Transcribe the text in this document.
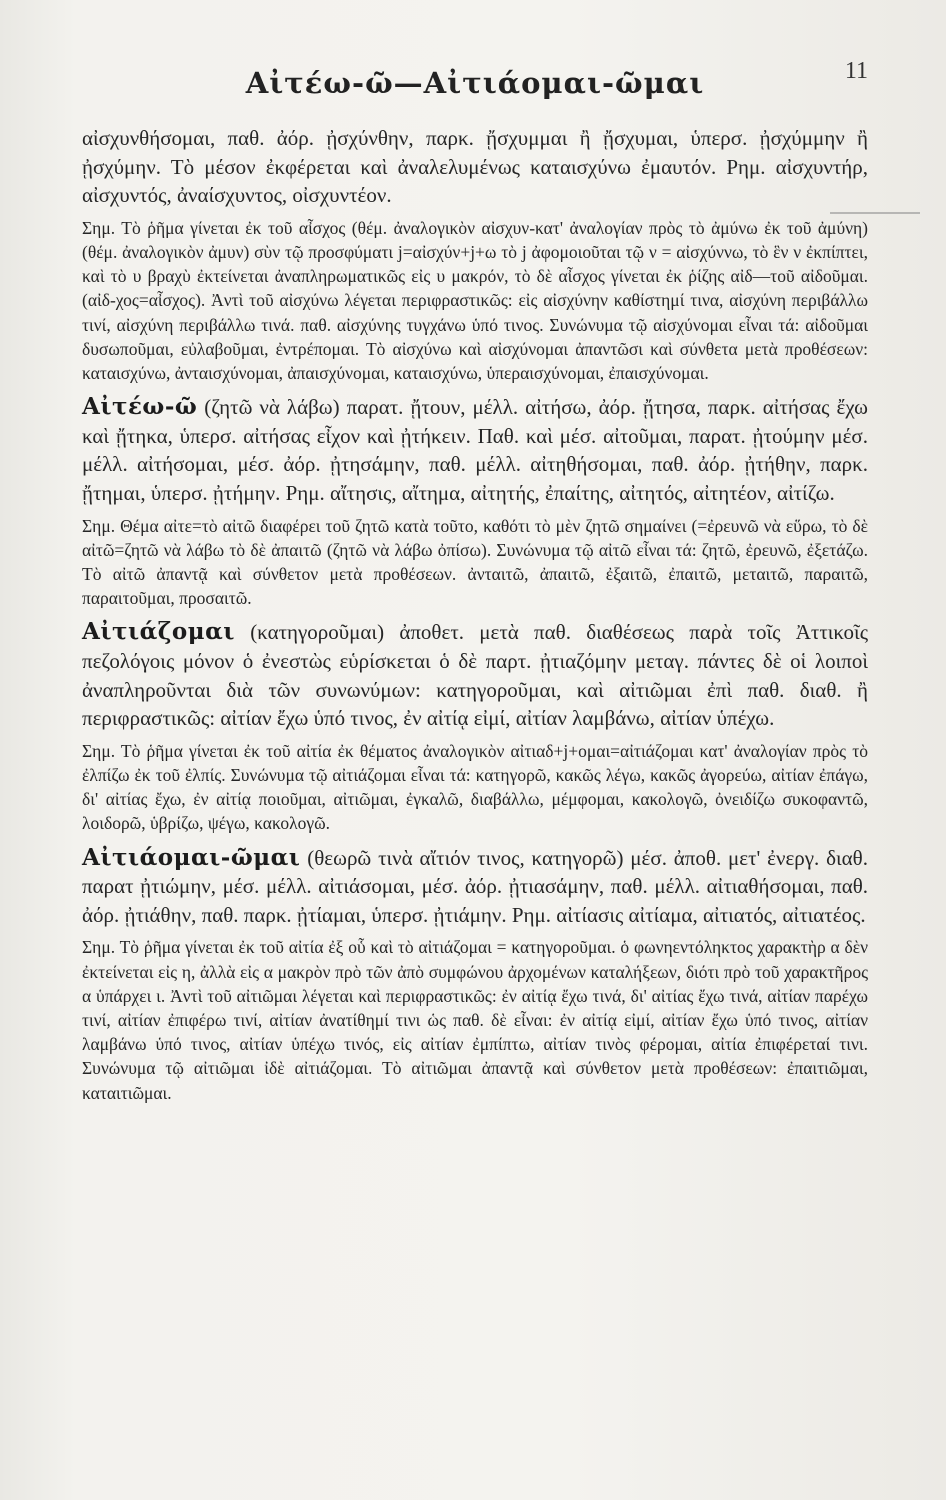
Αἰτέω-ῶ—Αἰτιάομαι-ῶμαι	11

αἰσχυνθήσομαι, παθ. ἀόρ. ᾐσχύνθην, παρκ. ᾔσχυμμαι ἢ ᾔσχυμαι, ὑπερσ. ᾐσχύμμην ἢ ᾐσχύμην. Τὸ μέσον ἐκφέρεται καὶ ἀναλελυμένως καταισχύνω ἐμαυτόν. Ρημ. αἰσχυντήρ, αἰσχυντός, ἀναίσχυντος, οἰσχυντέον.

Σημ. Τὸ ῥῆμα γίνεται ἐκ τοῦ αἶσχος (θέμ. ἀναλογικὸν αἰσχυν-κατ' ἀναλογίαν πρὸς τὸ ἀμύνω ἐκ τοῦ ἀμύνη) (θέμ. ἀναλογικὸν ἀμυν) σὺν τῷ προσφύματι j=αἰσχύν+j+ω τὸ j ἀφομοιοῦται τῷ ν = αἰσχύννω, τὸ ἓν ν ἐκπίπτει, καὶ τὸ υ βραχὺ ἐκτείνεται ἀναπληρωματικῶς εἰς υ μακρόν, τὸ δὲ αἶσχος γίνεται ἐκ ῥίζης αἰδ—τοῦ αἰδοῦμαι. (αἰδ-χος=αἶσχος). Ἀντὶ τοῦ αἰσχύνω λέγεται περιφραστικῶς: εἰς αἰσχύνην καθίστημί τινα, αἰσχύνη περιβάλλω τινί, αἰσχύνη περιβάλλω τινά. παθ. αἰσχύνης τυγχάνω ὑπό τινος. Συνώνυμα τῷ αἰσχύνομαι εἶναι τά: αἰδοῦμαι δυσωποῦμαι, εὐλαβοῦμαι, ἐντρέπομαι. Τὸ αἰσχύνω καὶ αἰσχύνομαι ἀπαντῶσι καὶ σύνθετα μετὰ προθέσεων: καταισχύνω, ἀνταισχύνομαι, ἀπαισχύνομαι, καταισχύνω, ὑπεραισχύνομαι, ἐπαισχύνομαι.

Αἰτέω-ῶ (ζητῶ νὰ λάβω) παρατ. ᾔτουν, μέλλ. αἰτήσω, ἀόρ. ᾔτησα, παρκ. αἰτήσας ἔχω καὶ ᾔτηκα, ὑπερσ. αἰτήσας εἶχον καὶ ᾐτήκειν. Παθ. καὶ μέσ. αἰτοῦμαι, παρατ. ᾐτούμην μέσ. μέλλ. αἰτήσομαι, μέσ. ἀόρ. ᾐτησάμην, παθ. μέλλ. αἰτηθήσομαι, παθ. ἀόρ. ᾐτήθην, παρκ. ᾔτημαι, ὑπερσ. ᾐτήμην. Ρημ. αἴτησις, αἴτημα, αἰτητής, ἐπαίτης, αἰτητός, αἰτητέον, αἰτίζω.

Σημ. Θέμα αἰτε=τὸ αἰτῶ διαφέρει τοῦ ζητῶ κατὰ τοῦτο, καθότι τὸ μὲν ζητῶ σημαίνει (=ἐρευνῶ νὰ εὕρω, τὸ δὲ αἰτῶ=ζητῶ νὰ λάβω τὸ δὲ ἀπαιτῶ (ζητῶ νὰ λάβω ὀπίσω). Συνώνυμα τῷ αἰτῶ εἶναι τά: ζητῶ, ἐρευνῶ, ἐξετάζω. Τὸ αἰτῶ ἀπαντᾷ καὶ σύνθετον μετὰ προθέσεων. ἀνταιτῶ, ἀπαιτῶ, ἐξαιτῶ, ἐπαιτῶ, μεταιτῶ, παραιτῶ, παραιτοῦμαι, προσαιτῶ.

Αἰτιάζομαι (κατηγοροῦμαι) ἀποθετ. μετὰ παθ. διαθέσεως παρὰ τοῖς Ἀττικοῖς πεζολόγοις μόνον ὁ ἐνεστὼς εὑρίσκεται ὁ δὲ παρτ. ᾐτιαζόμην μεταγ. πάντες δὲ οἱ λοιποὶ ἀναπληροῦνται διὰ τῶν συνωνύμων: κατηγοροῦμαι, καὶ αἰτιῶμαι ἐπὶ παθ. διαθ. ἢ περιφραστικῶς: αἰτίαν ἔχω ὑπό τινος, ἐν αἰτίᾳ εἰμί, αἰτίαν λαμβάνω, αἰτίαν ὑπέχω.

Σημ. Τὸ ῥῆμα γίνεται ἐκ τοῦ αἰτία ἐκ θέματος ἀναλογικὸν αἰτιαδ+j+ομαι=αἰτιάζομαι κατ' ἀναλογίαν πρὸς τὸ ἐλπίζω ἐκ τοῦ ἐλπίς. Συνώνυμα τῷ αἰτιάζομαι εἶναι τά: κατηγορῶ, κακῶς λέγω, κακῶς ἀγορεύω, αἰτίαν ἐπάγω, δι' αἰτίας ἔχω, ἐν αἰτίᾳ ποιοῦμαι, αἰτιῶμαι, ἐγκαλῶ, διαβάλλω, μέμφομαι, κακολογῶ, ὀνειδίζω συκοφαντῶ, λοιδορῶ, ὑβρίζω, ψέγω, κακολογῶ.

Αἰτιάομαι-ῶμαι (θεωρῶ τινὰ αἴτιόν τινος, κατηγορῶ) μέσ. ἀποθ. μετ' ἐνεργ. διαθ. παρατ ᾐτιώμην, μέσ. μέλλ. αἰτιάσομαι, μέσ. ἀόρ. ᾐτιασάμην, παθ. μέλλ. αἰτιαθήσομαι, παθ. ἀόρ. ᾐτιάθην, παθ. παρκ. ᾐτίαμαι, ὑπερσ. ᾐτιάμην. Ρημ. αἰτίασις αἰτίαμα, αἰτιατός, αἰτιατέος.

Σημ. Τὸ ῥῆμα γίνεται ἐκ τοῦ αἰτία ἐξ οὗ καὶ τὸ αἰτιάζομαι = κατηγοροῦμαι. ὁ φωνηεντόληκτος χαρακτὴρ α δὲν ἐκτείνεται εἰς η, ἀλλὰ εἰς α μακρὸν πρὸ τῶν ἀπὸ συμφώνου ἀρχομένων καταλήξεων, διότι πρὸ τοῦ χαρακτῆρος α ὑπάρχει ι. Ἀντὶ τοῦ αἰτιῶμαι λέγεται καὶ περιφραστικῶς: ἐν αἰτίᾳ ἔχω τινά, δι' αἰτίας ἔχω τινά, αἰτίαν παρέχω τινί, αἰτίαν ἐπιφέρω τινί, αἰτίαν ἀνατίθημί τινι ὡς παθ. δὲ εἶναι: ἐν αἰτίᾳ εἰμί, αἰτίαν ἔχω ὑπό τινος, αἰτίαν λαμβάνω ὑπό τινος, αἰτίαν ὑπέχω τινός, εἰς αἰτίαν ἐμπίπτω, αἰτίαν τινὸς φέρομαι, αἰτία ἐπιφέρεταί τινι. Συνώνυμα τῷ αἰτιῶμαι ἰδὲ αἰτιάζομαι. Τὸ αἰτιῶμαι ἀπαντᾷ καὶ σύνθετον μετὰ προθέσεων: ἐπαιτιῶμαι, καταιτιῶμαι.
